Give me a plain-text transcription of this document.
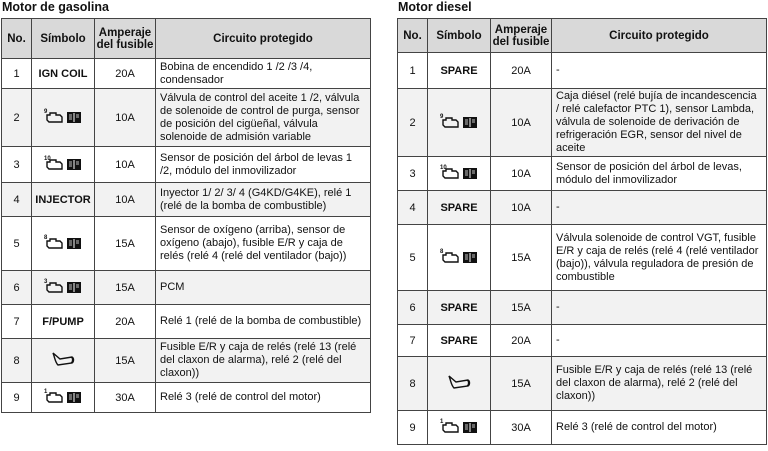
Motor de gasolina	Motor diesel
No.	Símbolo	Amperaje del fusible	Circuito protegido
1	IGN COIL	20A	Bobina de encendido 1 /2 /3 /4, condensador
2	9	10A	Válvula de control del aceite 1 /2, válvula de solenoide de control de purga, sensor de posición del cigüeñal, válvula solenoide de admisión variable
3	10	10A	Sensor de posición del árbol de levas 1 /2, módulo del inmovilizador
4	INJECTOR	10A	Inyector 1/ 2/ 3/ 4 (G4KD/G4KE), relé 1 (relé de la bomba de combustible)
5	8	15A	Sensor de oxígeno (arriba), sensor de oxígeno (abajo), fusible E/R y caja de relés (relé 4 (relé del ventilador (bajo))
6	3	15A	PCM
7	F/PUMP	20A	Relé 1 (relé de la bomba de combustible)
8		15A	Fusible E/R y caja de relés (relé 13 (relé del claxon de alarma), relé 2 (relé del claxon))
9	1	30A	Relé 3 (relé de control del motor)
No.	Símbolo	Amperaje del fusible	Circuito protegido
1	SPARE	20A	-
2	9	10A	Caja diésel (relé bujía de incandescencia / relé calefactor PTC 1), sensor Lambda, válvula de solenoide de derivación de refrigeración EGR, sensor del nivel de aceite
3	10	10A	Sensor de posición del árbol de levas, módulo del inmovilizador
4	SPARE	10A	-
5	8	15A	Válvula solenoide de control VGT, fusible E/R y caja de relés (relé 4 (relé ventilador (bajo)), válvula reguladora de presión de combustible
6	SPARE	15A	-
7	SPARE	20A	-
8		15A	Fusible E/R y caja de relés (relé 13 (relé del claxon de alarma), relé 2 (relé del claxon))
9	1	30A	Relé 3 (relé de control del motor)
